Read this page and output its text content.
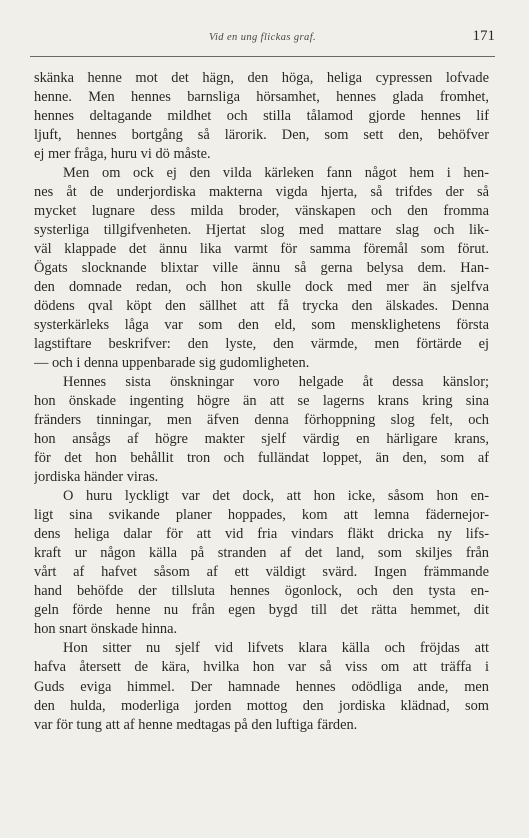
Vid en ung flickas graf.	171
skänka henne mot det hägn, den höga, heliga cypressen lofvade
henne. Men hennes barnsliga hörsamhet, hennes glada fromhet,
hennes deltagande mildhet och stilla tålamod gjorde hennes lif
ljuft, hennes bortgång så lärorik. Den, som sett den, behöfver
ej mer fråga, huru vi dö måste.
Men om ock ej den vilda kärleken fann något hem i hen-
nes åt de underjordiska makterna vigda hjerta, så trifdes der så
mycket lugnare dess milda broder, vänskapen och den fromma
systerliga tillgifvenheten. Hjertat slog med mattare slag och lik-
väl klappade det ännu lika varmt för samma föremål som förut.
Ögats slocknande blixtar ville ännu så gerna belysa dem. Han-
den domnade redan, och hon skulle dock med mer än sjelfva
dödens qval köpt den sällhet att få trycka den älskades. Denna
systerkärleks låga var som den eld, som mensklighetens första
lagstiftare beskrifver: den lyste, den värmde, men förtärde ej
— och i denna uppenbarade sig gudomligheten.
Hennes sista önskningar voro helgade åt dessa känslor;
hon önskade ingenting högre än att se lagerns krans kring sina
fränders tinningar, men äfven denna förhoppning slog felt, och
hon ansågs af högre makter sjelf värdig en härligare krans,
för det hon behållit tron och fulländat loppet, än den, som af
jordiska händer viras.
O huru lyckligt var det dock, att hon icke, såsom hon en-
ligt sina svikande planer hoppades, kom att lemna fädernejor-
dens heliga dalar för att vid fria vindars fläkt dricka ny lifs-
kraft ur någon källa på stranden af det land, som skiljes från
vårt af hafvet såsom af ett väldigt svärd. Ingen främmande
hand behöfde der tillsluta hennes ögonlock, och den tysta en-
geln förde henne nu från egen bygd till det rätta hemmet, dit
hon snart önskade hinna.
Hon sitter nu sjelf vid lifvets klara källa och fröjdas att
hafva återsett de kära, hvilka hon var så viss om att träffa i
Guds eviga himmel. Der hamnade hennes odödliga ande, men
den hulda, moderliga jorden mottog den jordiska klädnad, som
var för tung att af henne medtagas på den luftiga färden.
